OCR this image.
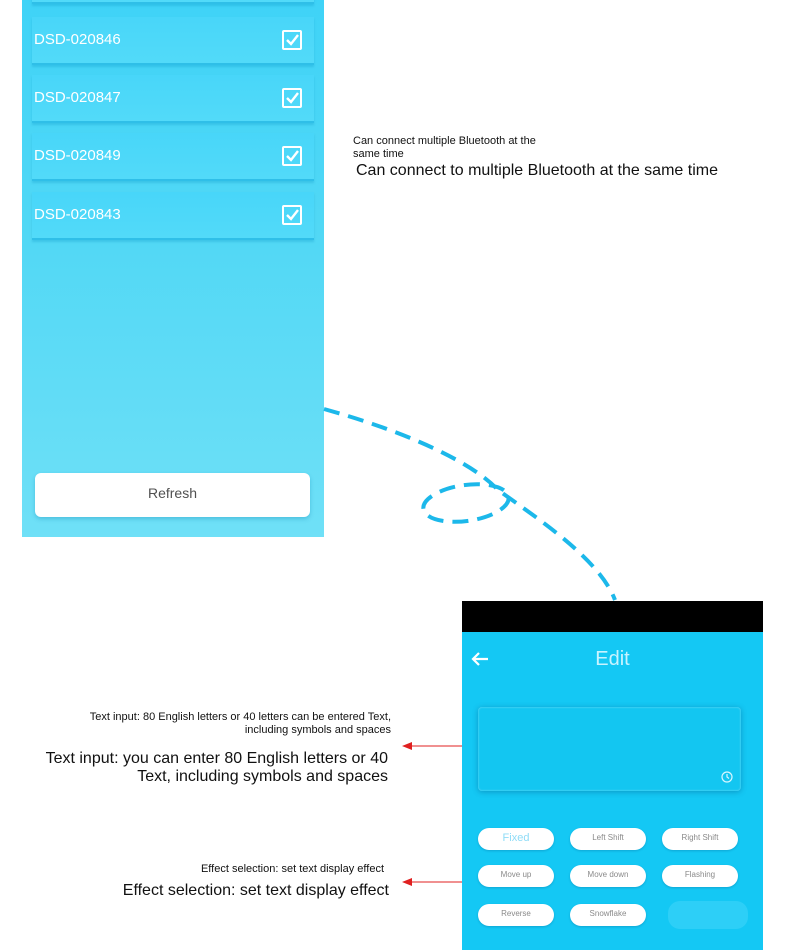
DSD-020846
DSD-020847
DSD-020849
DSD-020843
Refresh
Can connect multiple Bluetooth at the same time
Can connect to multiple Bluetooth at the same time
Text input: 80 English letters or 40 letters can be entered Text, including symbols and spaces
Text input: you can enter 80 English letters or 40 Text, including symbols and spaces
Effect selection: set text display effect
Effect selection: set text display effect
Edit
Fixed	Left Shift	Right Shift
Move up	Move down	Flashing
Reverse	Snowflake
